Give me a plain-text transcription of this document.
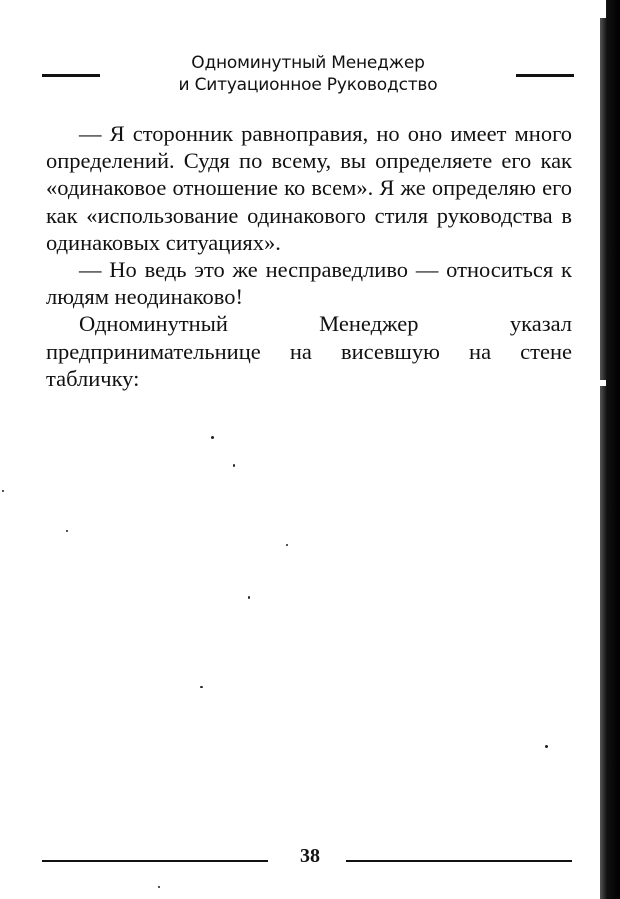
Одноминутный Менеджер
и Ситуационное Руководство

— Я сторонник равноправия, но оно имеет много определений. Судя по всему, вы определяете его как «одинаковое отношение ко всем». Я же определяю его как «использование одинакового стиля руководства в одинаковых ситуациях».

— Но ведь это же несправедливо — относиться к людям неодинаково!

Одноминутный Менеджер указал предпринимательнице на висевшую на стене табличку:

38
